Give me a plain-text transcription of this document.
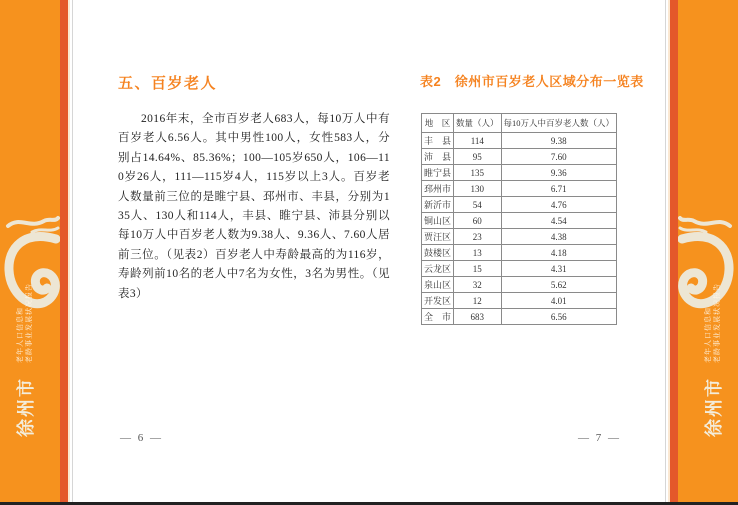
徐州市
老年人口信息和 老龄事业发展状况报告
徐州市
老年人口信息和 老龄事业发展状况报告
五、百岁老人
2016年末，全市百岁老人683人，每10万人中有百岁老人6.56人。其中男性100人，女性583人，分别占14.64%、85.36%；100—105岁650人，106—110岁26人，111—115岁4人，115岁以上3人。百岁老人数量前三位的是睢宁县、邳州市、丰县，分别为135人、130人和114人，丰县、睢宁县、沛县分别以每10万人中百岁老人数为9.38人、9.36人、7.60人居前三位。（见表2）百岁老人中寿龄最高的为116岁，寿龄列前10名的老人中7名为女性，3名为男性。（见表3）
— 6 —
表2　徐州市百岁老人区域分布一览表
地　区	数量（人）	每10万人中百岁老人数（人）
丰　县	114	9.38
沛　县	95	7.60
睢宁县	135	9.36
邳州市	130	6.71
新沂市	54	4.76
铜山区	60	4.54
贾汪区	23	4.38
鼓楼区	13	4.18
云龙区	15	4.31
泉山区	32	5.62
开发区	12	4.01
全　市	683	6.56
— 7 —
